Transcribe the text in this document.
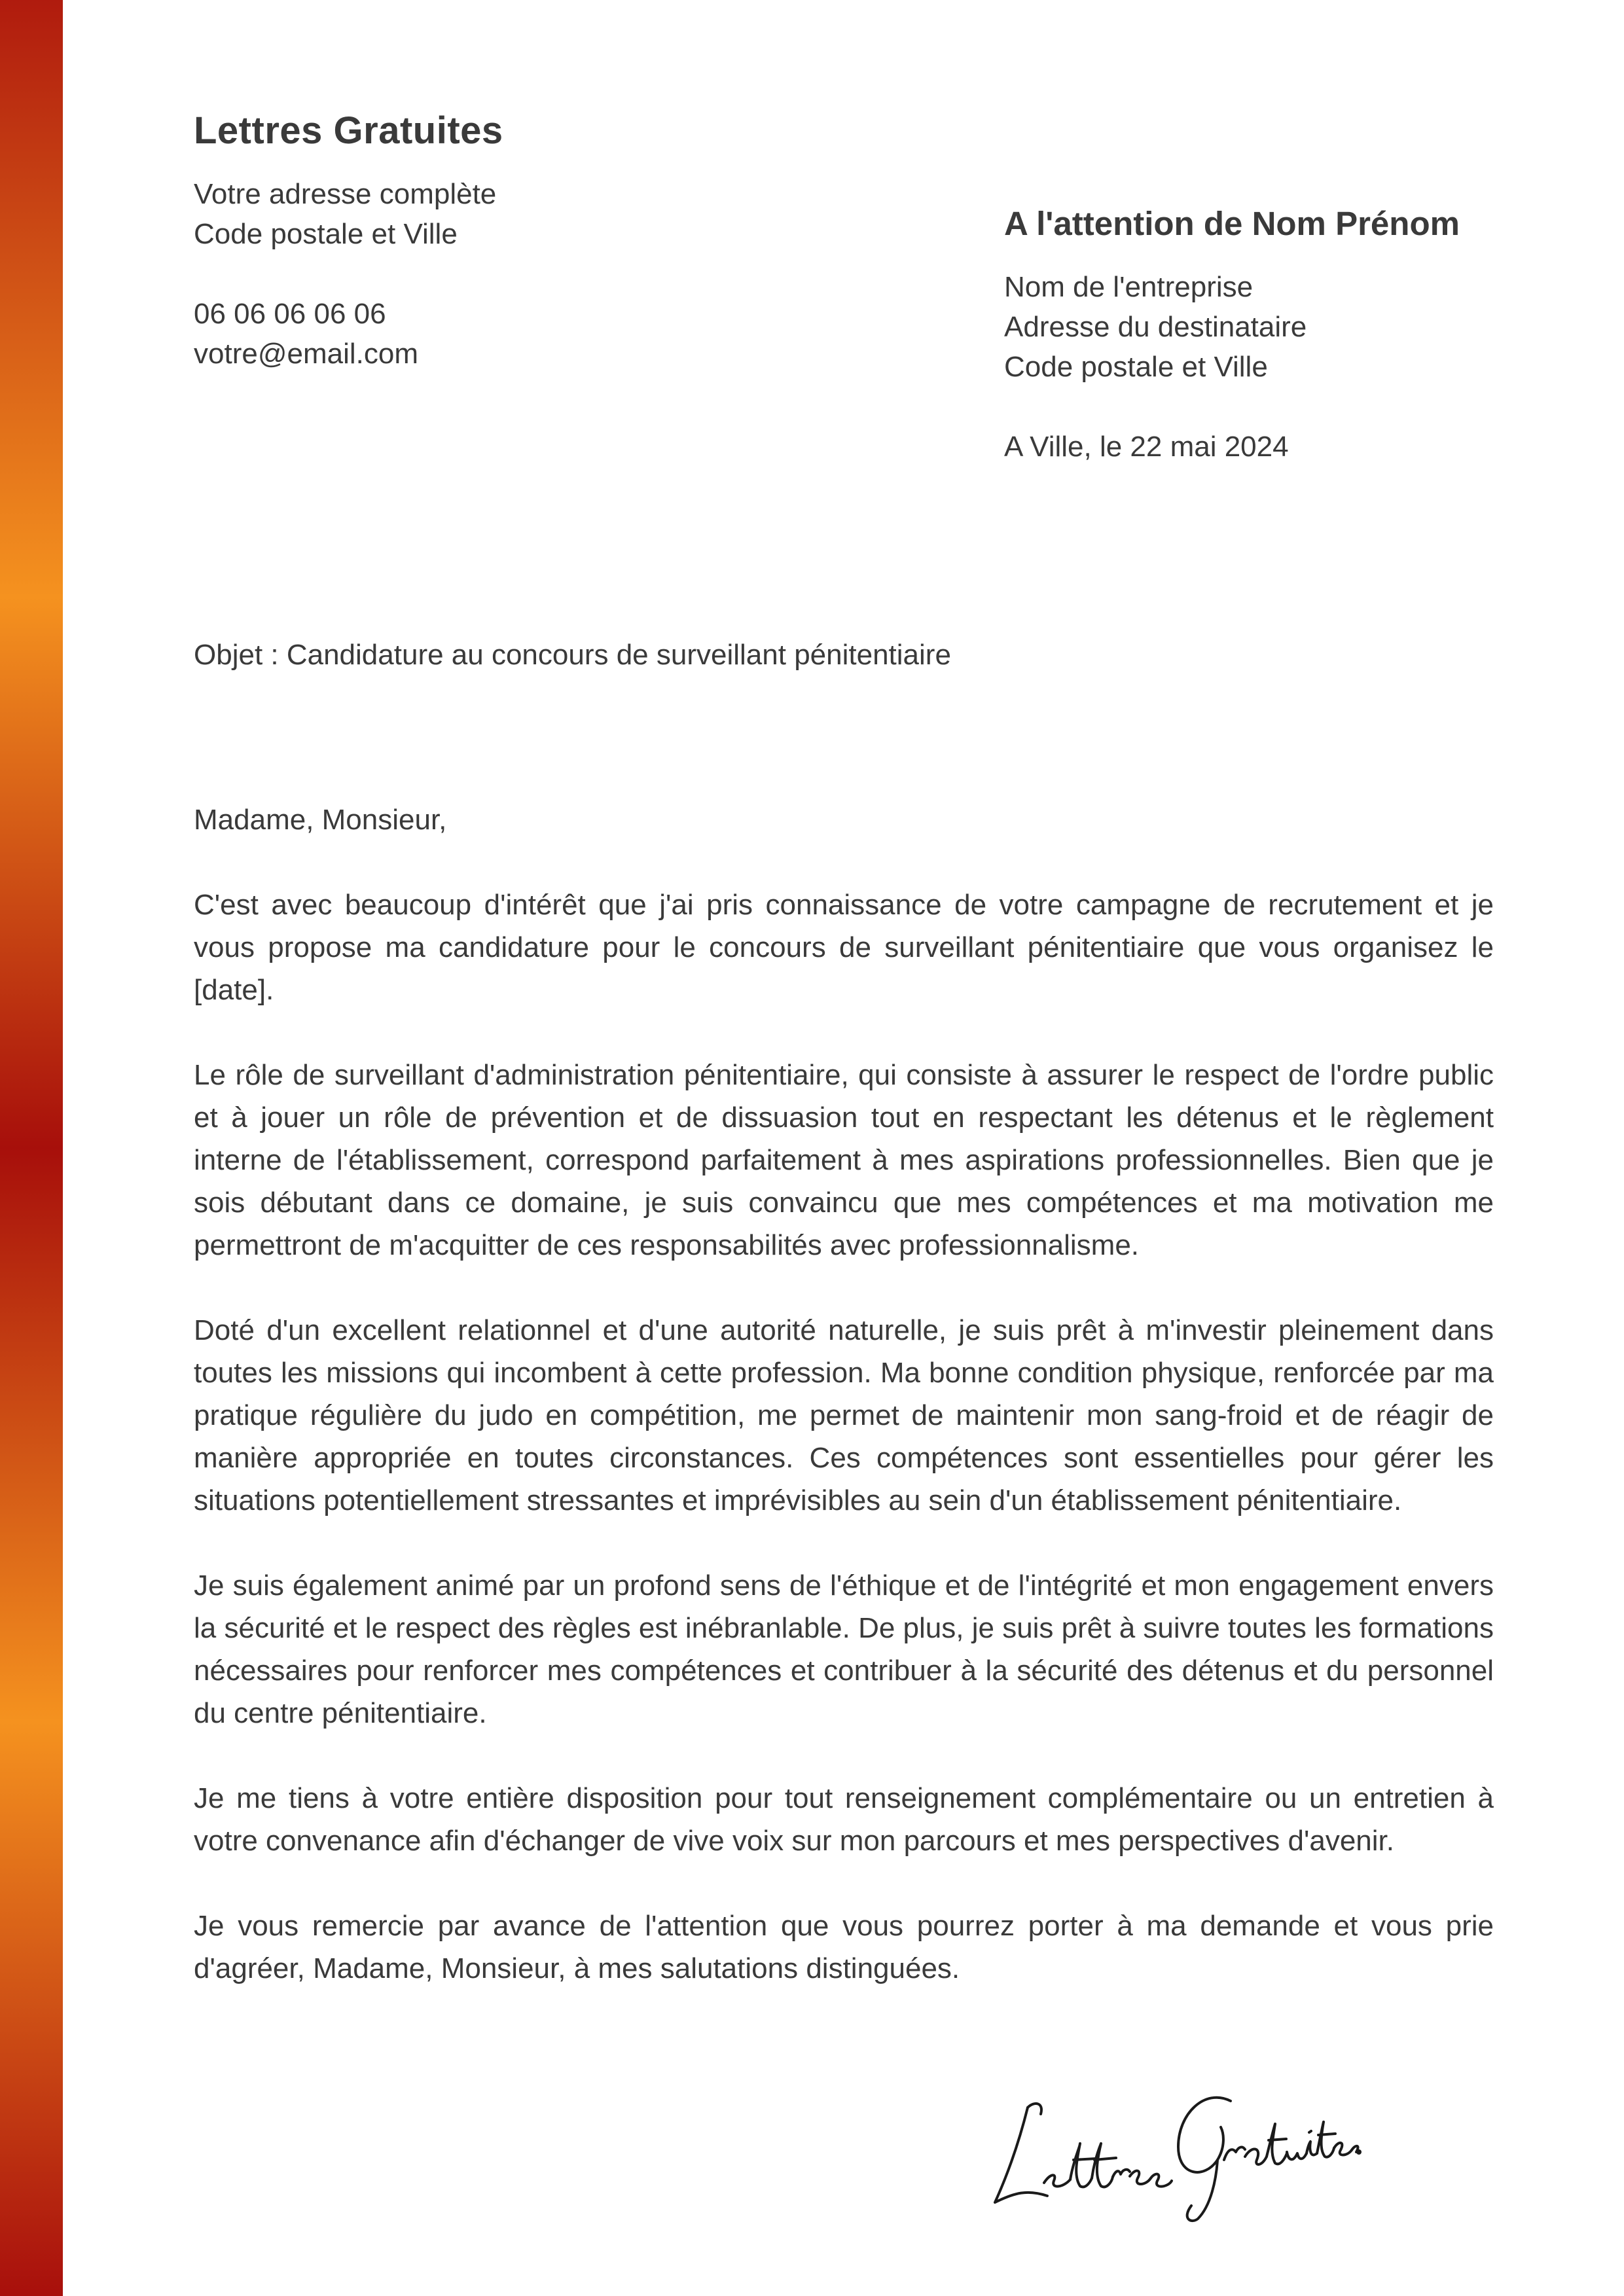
Lettres Gratuites
Votre adresse complète
Code postale et Ville
06 06 06 06 06
votre@email.com
A l'attention de Nom Prénom
Nom de l'entreprise
Adresse du destinataire
Code postale et Ville
A Ville, le 22 mai 2024
Objet : Candidature au concours de surveillant pénitentiaire

Madame, Monsieur,

C'est avec beaucoup d'intérêt que j'ai pris connaissance de votre campagne de recrutement et je vous propose ma candidature pour le concours de surveillant pénitentiaire que vous organisez le [date].

Le rôle de surveillant d'administration pénitentiaire, qui consiste à assurer le respect de l'ordre public et à jouer un rôle de prévention et de dissuasion tout en respectant les détenus et le règlement interne de l'établissement, correspond parfaitement à mes aspirations professionnelles. Bien que je sois débutant dans ce domaine, je suis convaincu que mes compétences et ma motivation me permettront de m'acquitter de ces responsabilités avec professionnalisme.

Doté d'un excellent relationnel et d'une autorité naturelle, je suis prêt à m'investir pleinement dans toutes les missions qui incombent à cette profession. Ma bonne condition physique, renforcée par ma pratique régulière du judo en compétition, me permet de maintenir mon sang-froid et de réagir de manière appropriée en toutes circonstances. Ces compétences sont essentielles pour gérer les situations potentiellement stressantes et imprévisibles au sein d'un établissement pénitentiaire.

Je suis également animé par un profond sens de l'éthique et de l'intégrité et mon engagement envers la sécurité et le respect des règles est inébranlable. De plus, je suis prêt à suivre toutes les formations nécessaires pour renforcer mes compétences et contribuer à la sécurité des détenus et du personnel du centre pénitentiaire.

Je me tiens à votre entière disposition pour tout renseignement complémentaire ou un entretien à votre convenance afin d'échanger de vive voix sur mon parcours et mes perspectives d'avenir.

Je vous remercie par avance de l'attention que vous pourrez porter à ma demande et vous prie d'agréer, Madame, Monsieur, à mes salutations distinguées.
